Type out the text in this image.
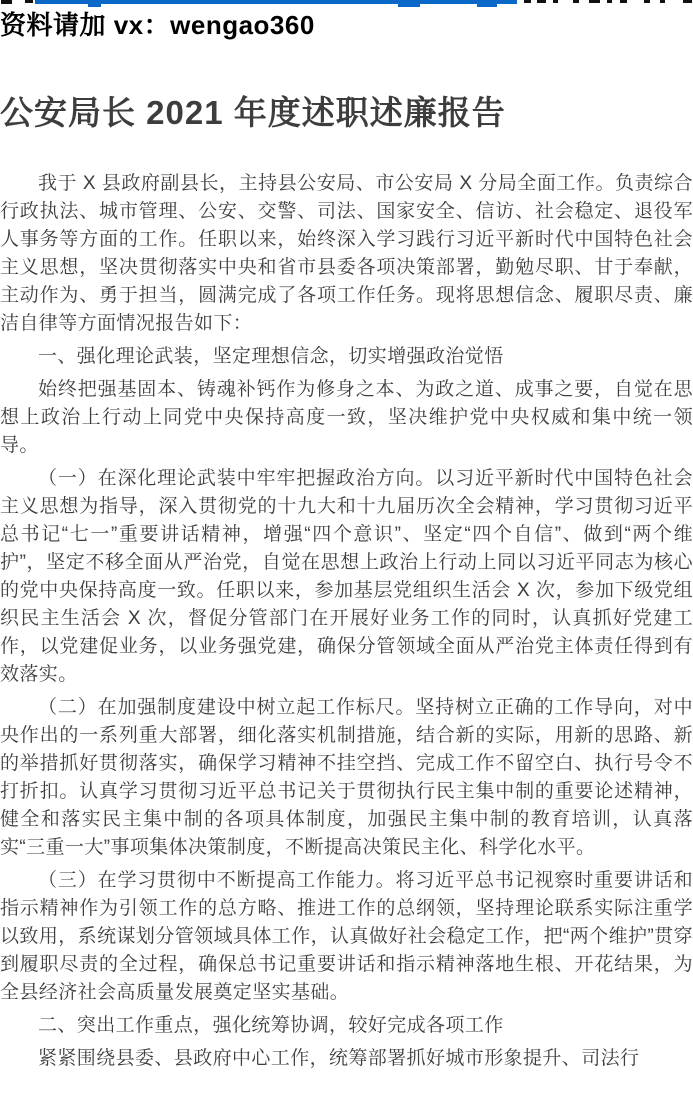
资料请加 vx：wengao360
公安局长 2021 年度述职述廉报告

我于 X 县政府副县长，主持县公安局、市公安局 X 分局全面工作。负责综合行政执法、城市管理、公安、交警、司法、国家安全、信访、社会稳定、退役军人事务等方面的工作。任职以来，始终深入学习践行习近平新时代中国特色社会主义思想，坚决贯彻落实中央和省市县委各项决策部署，勤勉尽职、甘于奉献，主动作为、勇于担当，圆满完成了各项工作任务。现将思想信念、履职尽责、廉洁自律等方面情况报告如下：

一、强化理论武装，坚定理想信念，切实增强政治觉悟

始终把强基固本、铸魂补钙作为修身之本、为政之道、成事之要，自觉在思想上政治上行动上同党中央保持高度一致，坚决维护党中央权威和集中统一领导。

（一）在深化理论武装中牢牢把握政治方向。以习近平新时代中国特色社会主义思想为指导，深入贯彻党的十九大和十九届历次全会精神，学习贯彻习近平总书记“七一”重要讲话精神，增强“四个意识”、坚定“四个自信”、做到“两个维护”，坚定不移全面从严治党，自觉在思想上政治上行动上同以习近平同志为核心的党中央保持高度一致。任职以来，参加基层党组织生活会 X 次，参加下级党组织民主生活会 X 次，督促分管部门在开展好业务工作的同时，认真抓好党建工作，以党建促业务，以业务强党建，确保分管领域全面从严治党主体责任得到有效落实。

（二）在加强制度建设中树立起工作标尺。坚持树立正确的工作导向，对中央作出的一系列重大部署，细化落实机制措施，结合新的实际，用新的思路、新的举措抓好贯彻落实，确保学习精神不挂空挡、完成工作不留空白、执行号令不打折扣。认真学习贯彻习近平总书记关于贯彻执行民主集中制的重要论述精神，健全和落实民主集中制的各项具体制度，加强民主集中制的教育培训，认真落实“三重一大”事项集体决策制度，不断提高决策民主化、科学化水平。

（三）在学习贯彻中不断提高工作能力。将习近平总书记视察时重要讲话和指示精神作为引领工作的总方略、推进工作的总纲领，坚持理论联系实际注重学以致用，系统谋划分管领域具体工作，认真做好社会稳定工作，把“两个维护”贯穿到履职尽责的全过程，确保总书记重要讲话和指示精神落地生根、开花结果，为全县经济社会高质量发展奠定坚实基础。

二、突出工作重点，强化统筹协调，较好完成各项工作

紧紧围绕县委、县政府中心工作，统筹部署抓好城市形象提升、司法行
